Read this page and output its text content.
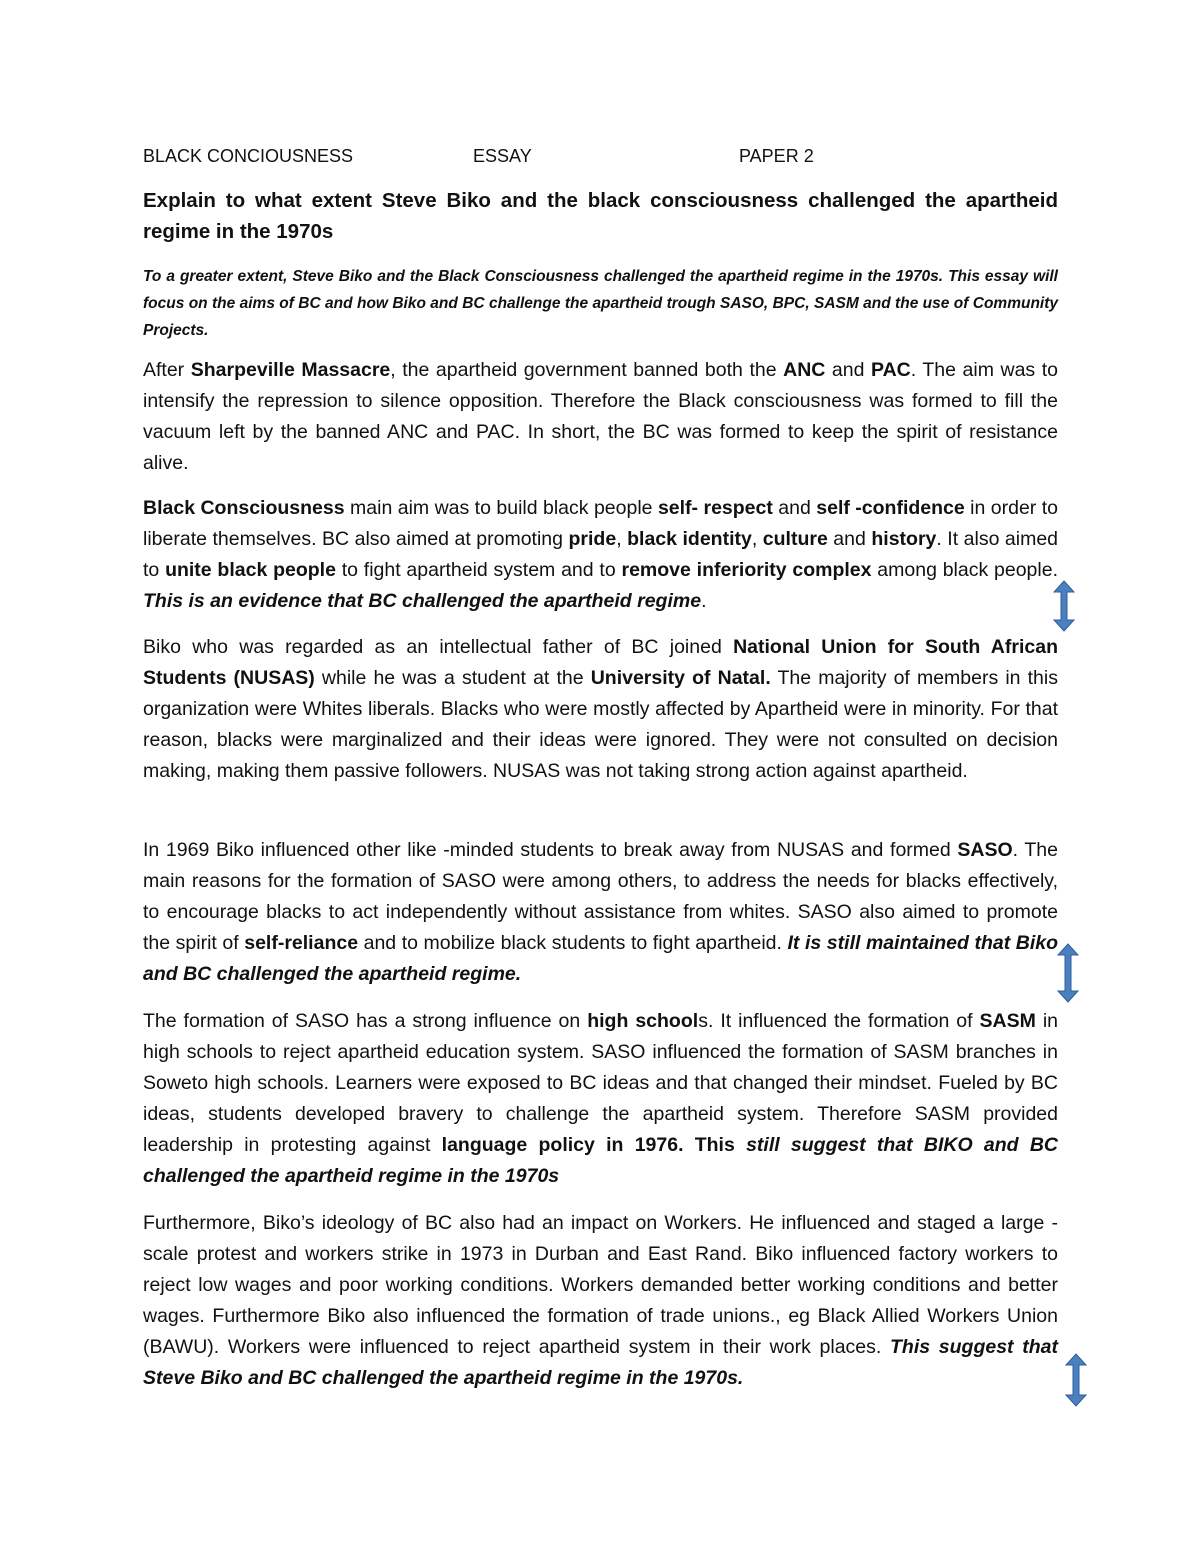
BLACK CONCIOUSNESS	ESSAY	PAPER 2
Explain to what extent Steve Biko and the black consciousness challenged the apartheid regime in the 1970s
To a greater extent, Steve Biko and the Black Consciousness challenged the apartheid regime in the 1970s. This essay will focus on the aims of BC and how Biko and BC challenge the apartheid trough SASO, BPC, SASM and the use of Community Projects.

After Sharpeville Massacre, the apartheid government banned both the ANC and PAC. The aim was to intensify the repression to silence opposition. Therefore the Black consciousness was formed to fill the vacuum left by the banned ANC and PAC. In short, the BC was formed to keep the spirit of resistance alive.

Black Consciousness main aim was to build black people self- respect and self -confidence in order to liberate themselves. BC also aimed at promoting pride, black identity, culture and history. It also aimed to unite black people to fight apartheid system and to remove inferiority complex among black people. This is an evidence that BC challenged the apartheid regime.

Biko who was regarded as an intellectual father of BC joined National Union for South African Students (NUSAS) while he was a student at the University of Natal. The majority of members in this organization were Whites liberals. Blacks who were mostly affected by Apartheid were in minority. For that reason, blacks were marginalized and their ideas were ignored. They were not consulted on decision making, making them passive followers. NUSAS was not taking strong action against apartheid.

In 1969 Biko influenced other like -minded students to break away from NUSAS and formed SASO. The main reasons for the formation of SASO were among others, to address the needs for blacks effectively, to encourage blacks to act independently without assistance from whites. SASO also aimed to promote the spirit of self-reliance and to mobilize black students to fight apartheid. It is still maintained that Biko and BC challenged the apartheid regime.

The formation of SASO has a strong influence on high schools. It influenced the formation of SASM in high schools to reject apartheid education system. SASO influenced the formation of SASM branches in Soweto high schools. Learners were exposed to BC ideas and that changed their mindset. Fueled by BC ideas, students developed bravery to challenge the apartheid system. Therefore SASM provided leadership in protesting against language policy in 1976. This still suggest that BIKO and BC challenged the apartheid regime in the 1970s

Furthermore, Biko’s ideology of BC also had an impact on Workers. He influenced and staged a large -scale protest and workers strike in 1973 in Durban and East Rand. Biko influenced factory workers to reject low wages and poor working conditions. Workers demanded better working conditions and better wages. Furthermore Biko also influenced the formation of trade unions., eg Black Allied Workers Union (BAWU). Workers were influenced to reject apartheid system in their work places. This suggest that Steve Biko and BC challenged the apartheid regime in the 1970s.
